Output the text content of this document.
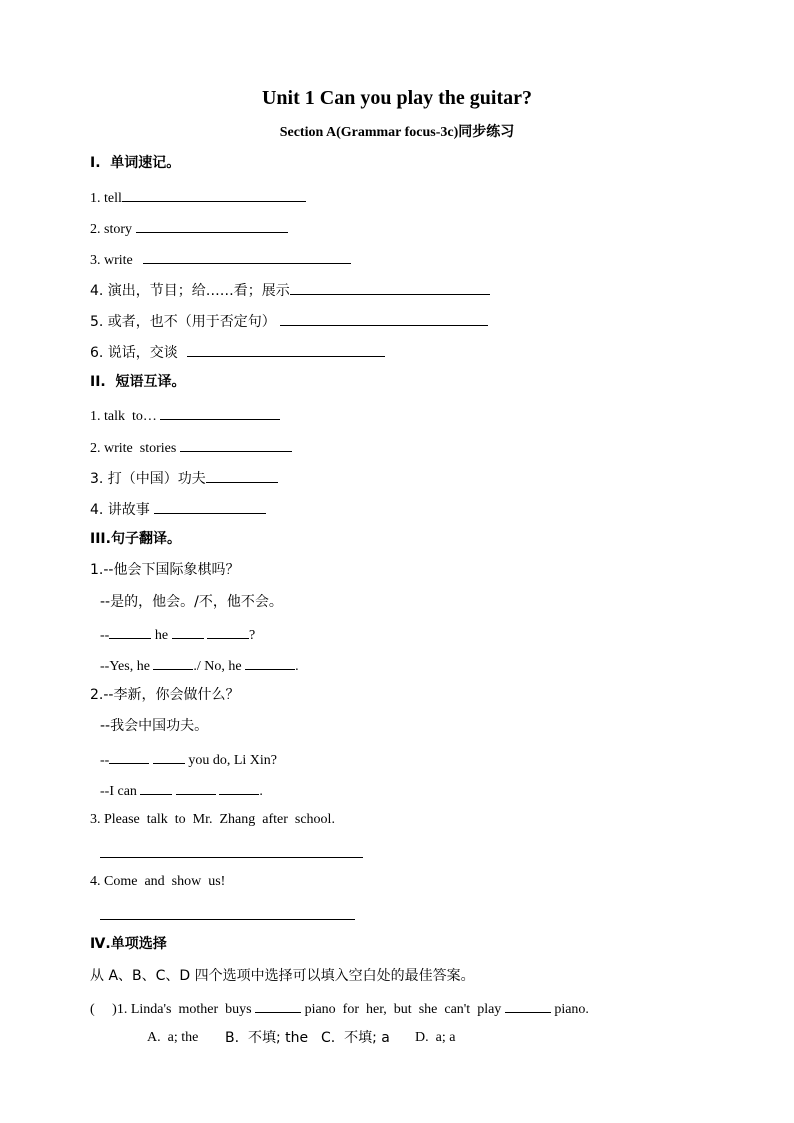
Unit 1 Can you play the guitar?
Section A(Grammar focus-3c)同步练习
I.  单词速记。
1. tell
2. story
3. write
4. 演出，节目；给……看；展示
5. 或者，也不（用于否定句）
6. 说话，交谈
II.  短语互译。
1. talk  to…
2. write  stories
3. 打（中国）功夫
4. 讲故事
III.句子翻译。
1.--他会下国际象棋吗？
--是的，他会。/不，他不会。
--	he	?
--Yes, he	./ No, he	.
2.--李新，你会做什么？
--我会中国功夫。
--	you do, Li Xin?
--I can	.
3. Please  talk  to  Mr.  Zhang  after  school.
4. Come  and  show  us!
Ⅳ.单项选择
从 A、B、C、D 四个选项中选择可以填入空白处的最佳答案。
(     )1. Linda's  mother  buys	piano  for  her,  but  she  can't  play	piano.
A.  a; the B.  不填; the C.  不填; a D.  a; a
